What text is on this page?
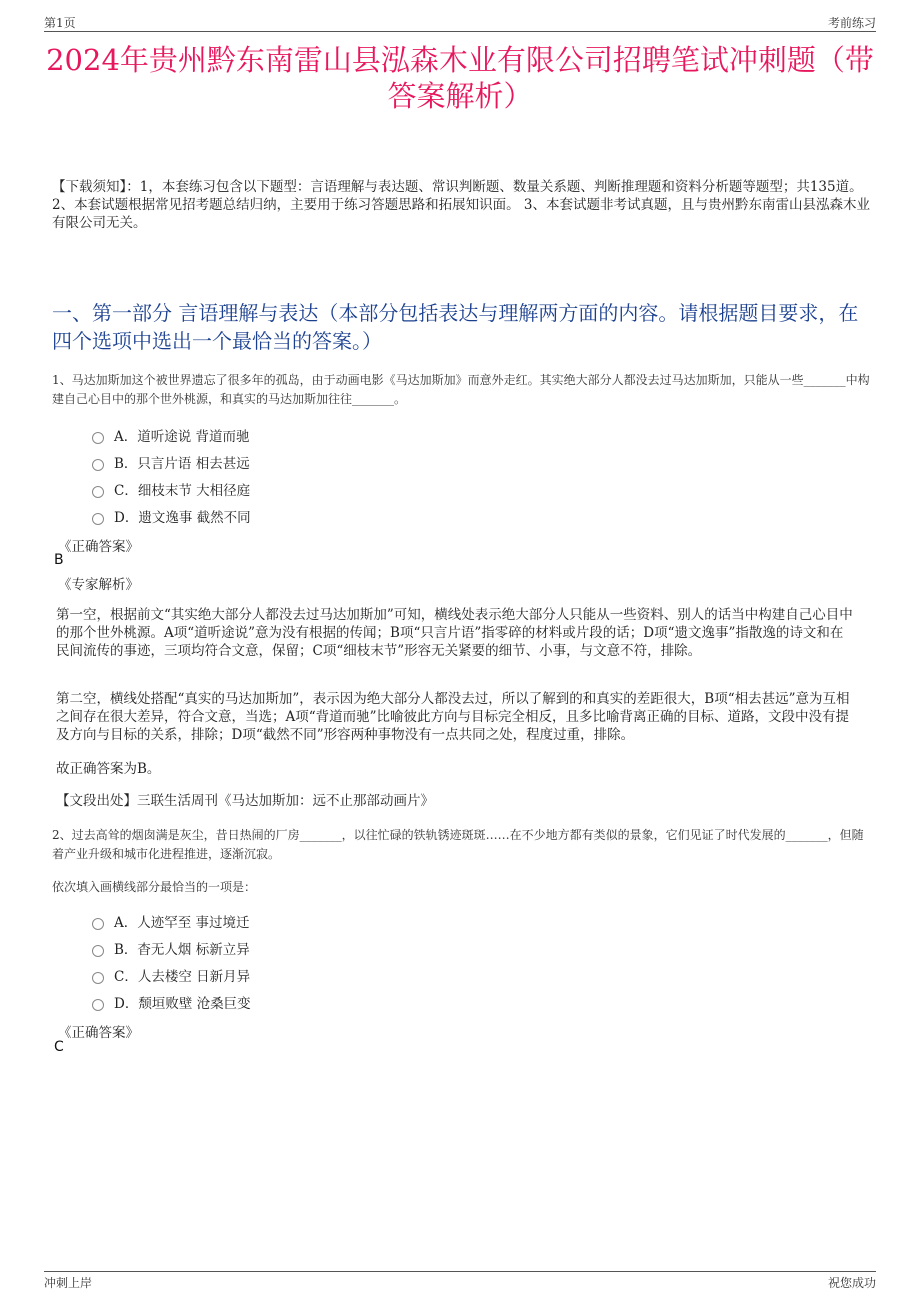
第1页	考前练习
2024年贵州黔东南雷山县泓森木业有限公司招聘笔试冲刺题（带答案解析）
【下载须知】：1，本套练习包含以下题型：言语理解与表达题、常识判断题、数量关系题、判断推理题和资料分析题等题型；共135道。 2、本套试题根据常见招考题总结归纳，主要用于练习答题思路和拓展知识面。 3、本套试题非考试真题，且与贵州黔东南雷山县泓森木业有限公司无关。
一、第一部分 言语理解与表达（本部分包括表达与理解两方面的内容。请根据题目要求，在四个选项中选出一个最恰当的答案。）
1、马达加斯加这个被世界遗忘了很多年的孤岛，由于动画电影《马达加斯加》而意外走红。其实绝大部分人都没去过马达加斯加，只能从一些_______中构建自己心目中的那个世外桃源，和真实的马达加斯加往往_______。
A．道听途说 背道而驰
B．只言片语 相去甚远
C．细枝末节 大相径庭
D．遗文逸事 截然不同
《正确答案》
B
《专家解析》
第一空，根据前文“其实绝大部分人都没去过马达加斯加”可知，横线处表示绝大部分人只能从一些资料、别人的话当中构建自己心目中的那个世外桃源。A项“道听途说”意为没有根据的传闻；B项“只言片语”指零碎的材料或片段的话；D项“遗文逸事”指散逸的诗文和在民间流传的事迹，三项均符合文意，保留；C项“细枝末节”形容无关紧要的细节、小事，与文意不符，排除。
第二空，横线处搭配“真实的马达加斯加”，表示因为绝大部分人都没去过，所以了解到的和真实的差距很大，B项“相去甚远”意为互相之间存在很大差异，符合文意，当选；A项“背道而驰”比喻彼此方向与目标完全相反，且多比喻背离正确的目标、道路，文段中没有提及方向与目标的关系，排除；D项“截然不同”形容两种事物没有一点共同之处，程度过重，排除。
故正确答案为B。
【文段出处】三联生活周刊《马达加斯加：远不止那部动画片》
2、过去高耸的烟囱满是灰尘，昔日热闹的厂房_______，以往忙碌的铁轨锈迹斑斑……在不少地方都有类似的景象，它们见证了时代发展的_______，但随着产业升级和城市化进程推进，逐渐沉寂。
依次填入画横线部分最恰当的一项是：
A．人迹罕至 事过境迁
B．杳无人烟 标新立异
C．人去楼空 日新月异
D．颓垣败壁 沧桑巨变
《正确答案》
C
冲刺上岸	祝您成功
